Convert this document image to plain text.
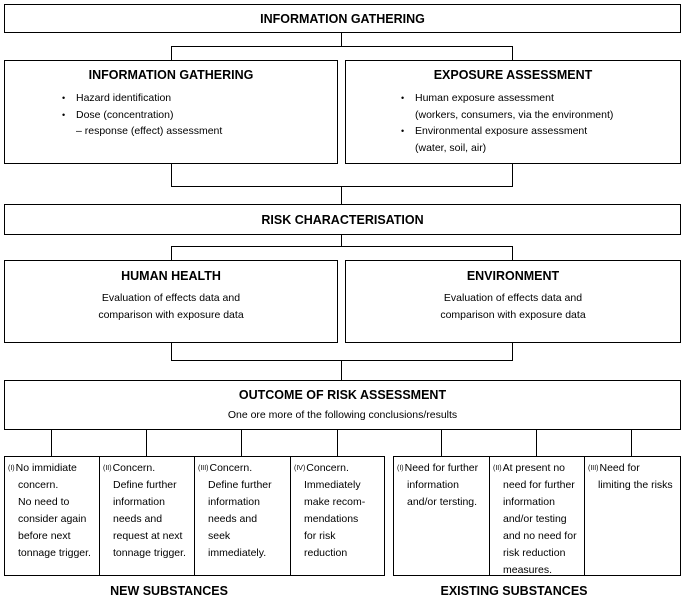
INFORMATION GATHERING
INFORMATION GATHERING
• Hazard identification
• Dose (concentration)
– response (effect) assessment
EXPOSURE ASSESSMENT
• Human exposure assessment
(workers, consumers, via the environment)
• Environmental exposure assessment
(water, soil, air)
RISK CHARACTERISATION
HUMAN HEALTH
Evaluation of effects data and
comparison with exposure data
ENVIRONMENT
Evaluation of effects data and
comparison with exposure data
OUTCOME OF RISK ASSESSMENT
One ore more of the following conclusions/results
(I)No immidiate
concern.
No need to
consider again
before next
tonnage trigger.
(II)Concern.
Define further
information
needs and
request at next
tonnage trigger.
(III)Concern.
Define further
information
needs and
seek
immediately.
(IV)Concern.
Immediately
make recom-
mendations
for risk
reduction
(I)Need for further
information
and/or tersting.
(II)At present no
need for further
information
and/or testing
and no need for
risk reduction
measures.
(III)Need for
limiting the risks
NEW SUBSTANCES	EXISTING SUBSTANCES
